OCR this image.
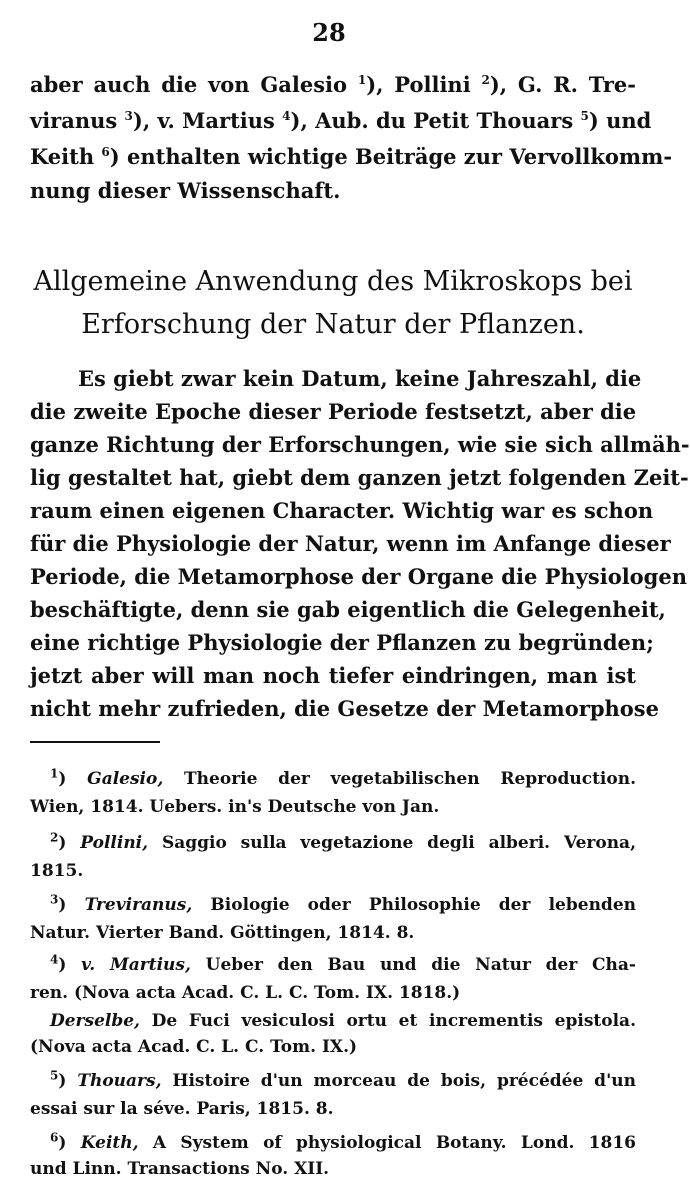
28
aber auch die von Galesio $^1$), Pollini $^2$), G. R. Tre-
viranus $^3$), v. Martius $^4$), Aub. du Petit Thouars $^5$) und
Keith $^6$) enthalten wichtige Beiträge zur Vervollkomm-
nung dieser Wissenschaft.
Allgemeine Anwendung des Mikroskops bei
Erforschung der Natur der Pflanzen.
Es giebt zwar kein Datum, keine Jahreszahl, die
die zweite Epoche dieser Periode festsetzt, aber die
ganze Richtung der Erforschungen, wie sie sich allmäh-
lig gestaltet hat, giebt dem ganzen jetzt folgenden Zeit-
raum einen eigenen Character. Wichtig war es schon
für die Physiologie der Natur, wenn im Anfange dieser
Periode, die Metamorphose der Organe die Physiologen
beschäftigte, denn sie gab eigentlich die Gelegenheit,
eine richtige Physiologie der Pflanzen zu begründen;
jetzt aber will man noch tiefer eindringen, man ist
nicht mehr zufrieden, die Gesetze der Metamorphose
$^1$) Galesio, Theorie der vegetabilischen Reproduction.
Wien, 1814. Uebers. in's Deutsche von Jan.
$^2$) Pollini, Saggio sulla vegetazione degli alberi. Verona,
1815.
$^3$) Treviranus, Biologie oder Philosophie der lebenden
Natur. Vierter Band. Göttingen, 1814. 8.
$^4$) v. Martius, Ueber den Bau und die Natur der Cha-
ren. (Nova acta Acad. C. L. C. Tom. IX. 1818.)
Derselbe, De Fuci vesiculosi ortu et incrementis epistola.
(Nova acta Acad. C. L. C. Tom. IX.)
$^5$) Thouars, Histoire d'un morceau de bois, précédée d'un
essai sur la séve. Paris, 1815. 8.
$^6$) Keith, A System of physiological Botany. Lond. 1816
und Linn. Transactions No. XII.
